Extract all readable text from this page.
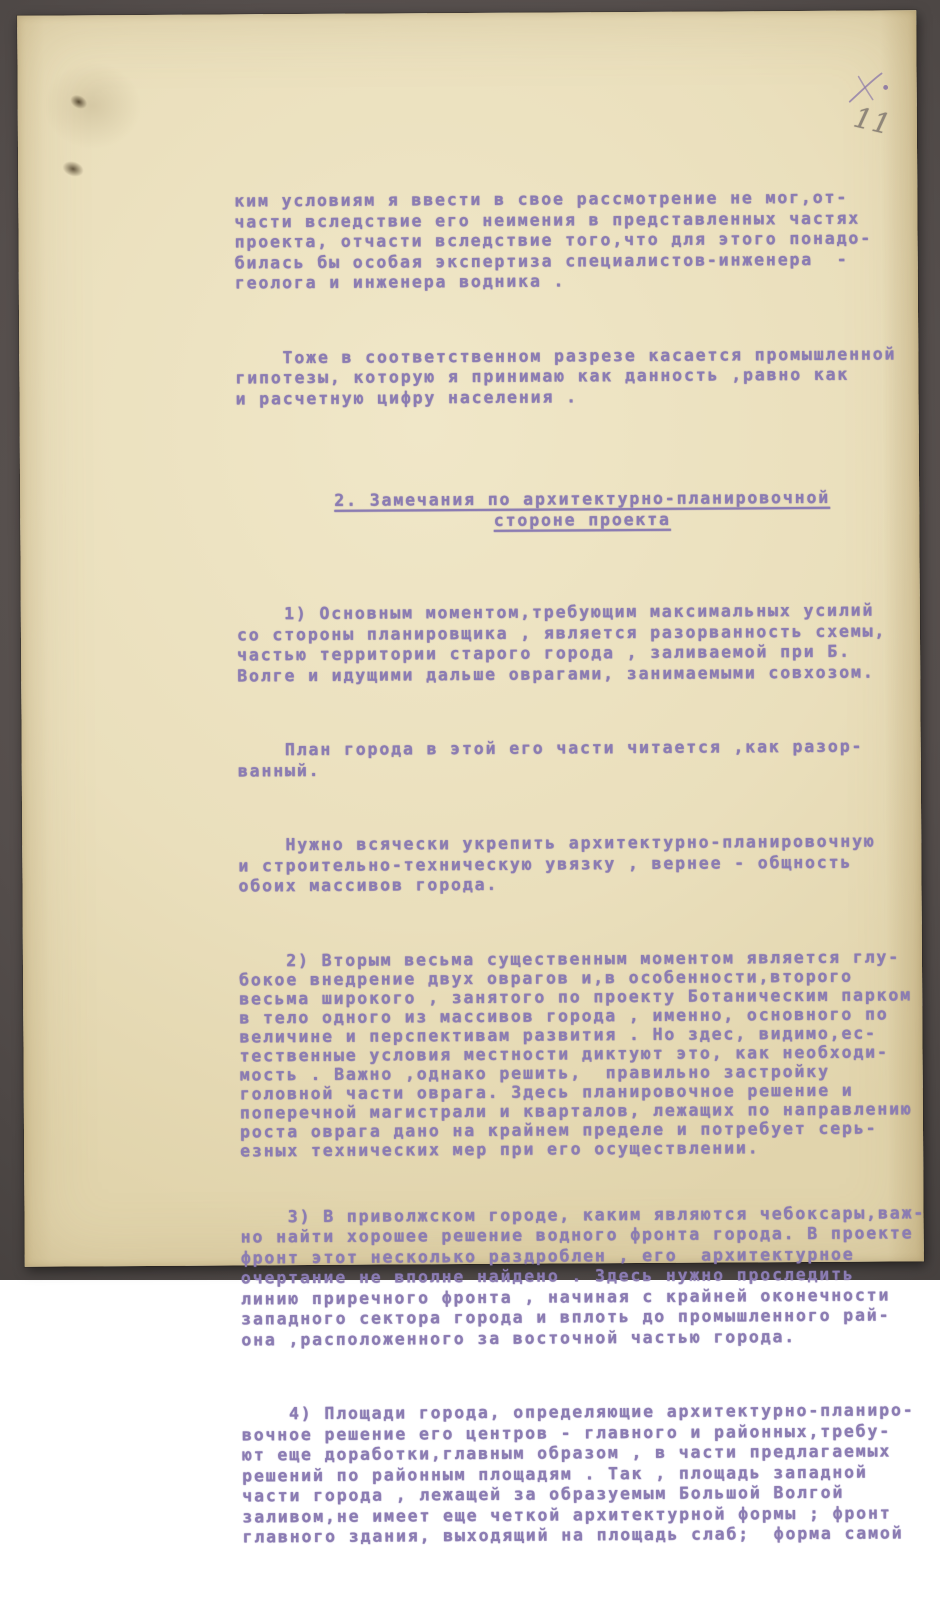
11

ким условиям я ввести в свое рассмотрение не мог,от-
части вследствие его неимения в представленных частях
проекта, отчасти вследствие того,что для этого понадо-
билась бы особая экспертиза специалистов-инженера  -
геолога и инженера водника .

Тоже в соответственном разрезе касается промышленной
гипотезы, которую я принимаю как данность ,равно как
и расчетную цифру населения .

2. Замечания по архитектурно-планировочной
стороне проекта

1) Основным моментом,требующим максимальных усилий
со стороны планировщика , является разорванность схемы,
частью территории старого города , заливаемой при Б.
Волге и идущими дальше оврагами, занимаемыми совхозом.

План города в этой его части читается ,как разор-
ванный.

Нужно всячески укрепить архитектурно-планировочную
и строительно-техническую увязку , вернее - общность
обоих массивов города.

2) Вторым весьма существенным моментом является глу-
бокое внедрение двух оврагов и,в особенности,второго
весьма широкого , занятого по проекту Ботаническим парком
в тело одного из массивов города , именно, основного по
величине и перспективам развития . Но здес, видимо,ес-
тественные условия местности диктуют это, как необходи-
мость . Важно ,однако решить,  правильно застройку
головной части оврага. Здесь планировочное решение и
поперечной магистрали и кварталов, лежащих по направлению
роста оврага дано на крайнем пределе и потребует серь-
езных технических мер при его осуществлении.

3) В приволжском городе, каким являются чебоксары,важ-
но найти хорошее решение водного фронта города. В проекте
фронт этот несколько раздроблен , его  архитектурное
очертание не вполне найдено . Здесь нужно проследить
линию приречного фронта , начиная с крайней оконечности
западного сектора города и вплоть до промышленного рай-
она ,расположенного за восточной частью города.

4) Площади города, определяющие архитектурно-планиро-
вочное решение его центров - главного и районных,требу-
ют еще доработки,главным образом , в части предлагаемых
решений по районным площадям . Так , площадь западной
части города , лежащей за образуемым Большой Волгой
заливом,не имеет еще четкой архитектурной формы ; фронт
главного здания, выходящий на площадь слаб;  форма самой
